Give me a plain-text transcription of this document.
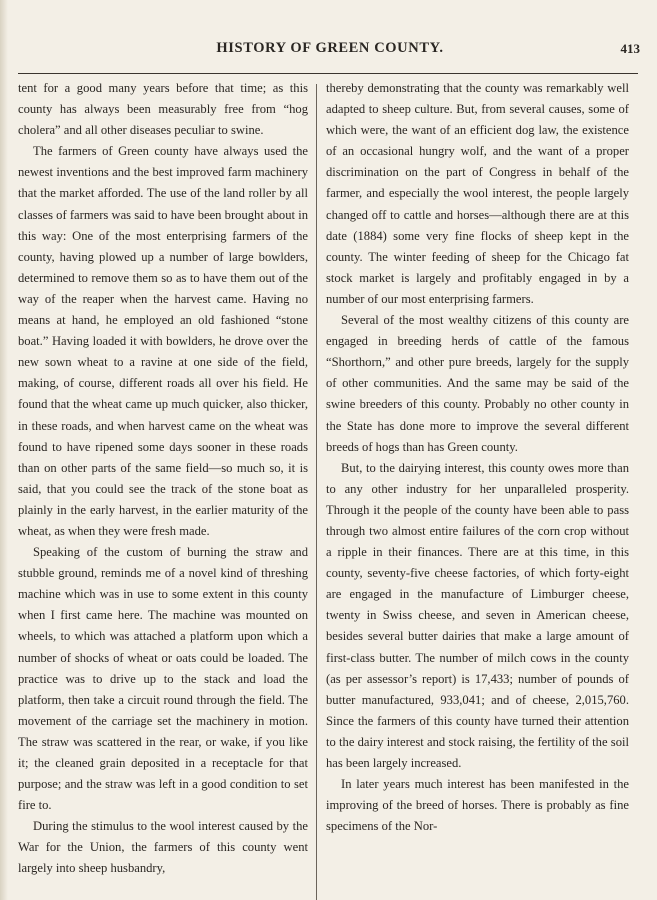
HISTORY OF GREEN COUNTY.	413

tent for a good many years before that time; as this county has always been measurably free from “hog cholera” and all other diseases peculiar to swine.

The farmers of Green county have always used the newest inventions and the best improved farm machinery that the market afforded. The use of the land roller by all classes of farmers was said to have been brought about in this way: One of the most enterprising farmers of the county, having plowed up a number of large bowlders, determined to remove them so as to have them out of the way of the reaper when the harvest came. Having no means at hand, he employed an old fashioned “stone boat.” Having loaded it with bowlders, he drove over the new sown wheat to a ravine at one side of the field, making, of course, different roads all over his field. He found that the wheat came up much quicker, also thicker, in these roads, and when harvest came on the wheat was found to have ripened some days sooner in these roads than on other parts of the same field—so much so, it is said, that you could see the track of the stone boat as plainly in the early harvest, in the earlier maturity of the wheat, as when they were fresh made.

Speaking of the custom of burning the straw and stubble ground, reminds me of a novel kind of threshing machine which was in use to some extent in this county when I first came here. The machine was mounted on wheels, to which was attached a platform upon which a number of shocks of wheat or oats could be loaded. The practice was to drive up to the stack and load the platform, then take a circuit round through the field. The movement of the carriage set the machinery in motion. The straw was scattered in the rear, or wake, if you like it; the cleaned grain deposited in a receptacle for that purpose; and the straw was left in a good condition to set fire to.

During the stimulus to the wool interest caused by the War for the Union, the farmers of this county went largely into sheep husbandry,

thereby demonstrating that the county was remarkably well adapted to sheep culture. But, from several causes, some of which were, the want of an efficient dog law, the existence of an occasional hungry wolf, and the want of a proper discrimination on the part of Congress in behalf of the farmer, and especially the wool interest, the people largely changed off to cattle and horses—although there are at this date (1884) some very fine flocks of sheep kept in the county. The winter feeding of sheep for the Chicago fat stock market is largely and profitably engaged in by a number of our most enterprising farmers.

Several of the most wealthy citizens of this county are engaged in breeding herds of cattle of the famous “Shorthorn,” and other pure breeds, largely for the supply of other communities. And the same may be said of the swine breeders of this county. Probably no other county in the State has done more to improve the several different breeds of hogs than has Green county.

But, to the dairying interest, this county owes more than to any other industry for her unparalleled prosperity. Through it the people of the county have been able to pass through two almost entire failures of the corn crop without a ripple in their finances. There are at this time, in this county, seventy-five cheese factories, of which forty-eight are engaged in the manufacture of Limburger cheese, twenty in Swiss cheese, and seven in American cheese, besides several butter dairies that make a large amount of first-class butter. The number of milch cows in the county (as per assessor’s report) is 17,433; number of pounds of butter manufactured, 933,041; and of cheese, 2,015,760. Since the farmers of this county have turned their attention to the dairy interest and stock raising, the fertility of the soil has been largely increased.

In later years much interest has been manifested in the improving of the breed of horses. There is probably as fine specimens of the Nor-
